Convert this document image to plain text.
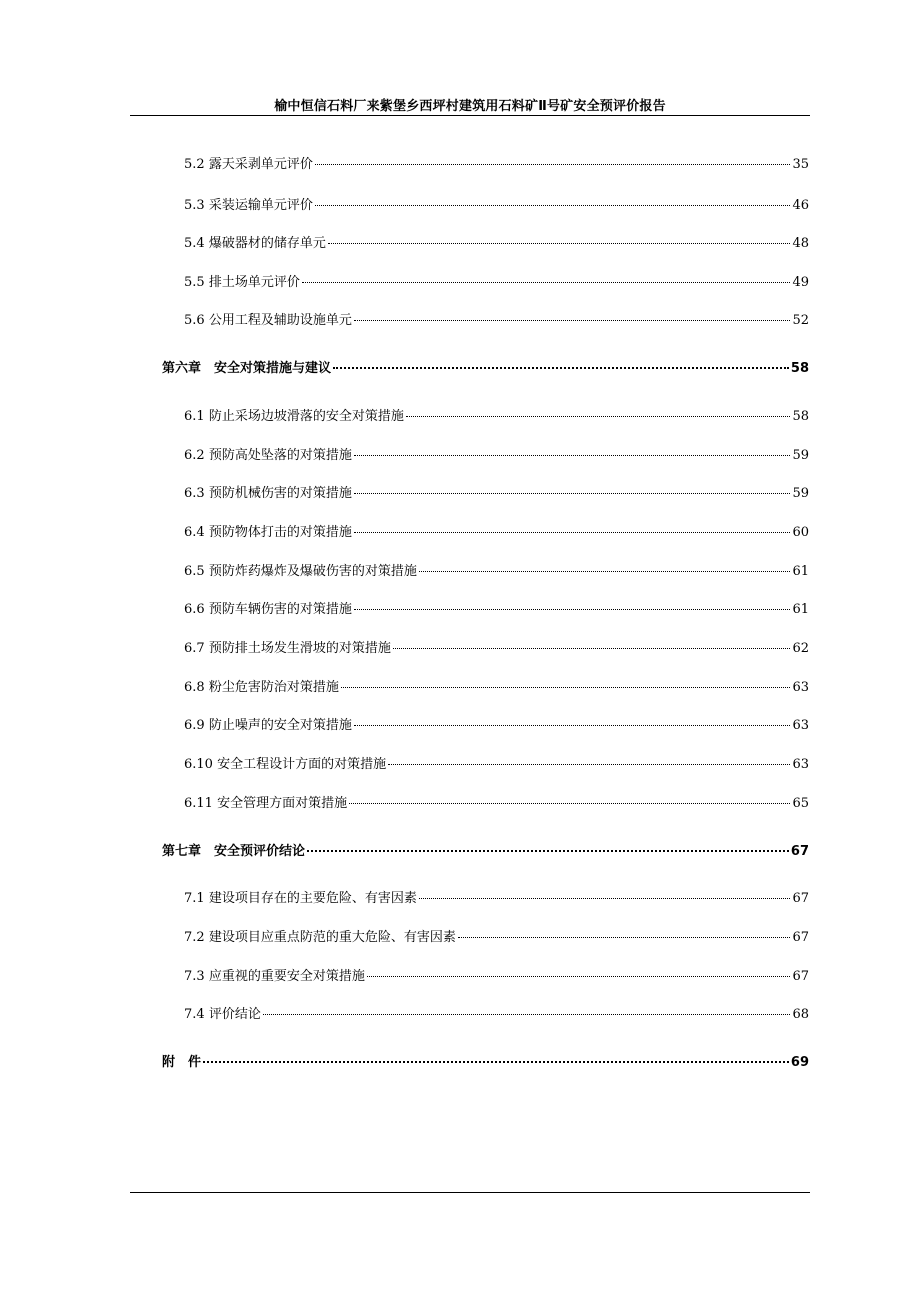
榆中恒信石料厂来紫堡乡西坪村建筑用石料矿Ⅱ号矿安全预评价报告
5.2 露天采剥单元评价	35
5.3 采装运输单元评价	46
5.4 爆破器材的储存单元	48
5.5 排土场单元评价	49
5.6 公用工程及辅助设施单元	52
第六章　 安全对策措施与建议	58
6.1 防止采场边坡滑落的安全对策措施	58
6.2 预防高处坠落的对策措施	59
6.3 预防机械伤害的对策措施	59
6.4 预防物体打击的对策措施	60
6.5 预防炸药爆炸及爆破伤害的对策措施	61
6.6 预防车辆伤害的对策措施	61
6.7 预防排土场发生滑坡的对策措施	62
6.8 粉尘危害防治对策措施	63
6.9 防止噪声的安全对策措施	63
6.10 安全工程设计方面的对策措施	63
6.11 安全管理方面对策措施	65
第七章　 安全预评价结论	67
7.1 建设项目存在的主要危险、有害因素	67
7.2 建设项目应重点防范的重大危险、有害因素	67
7.3 应重视的重要安全对策措施	67
7.4 评价结论	68
附　 件	69
